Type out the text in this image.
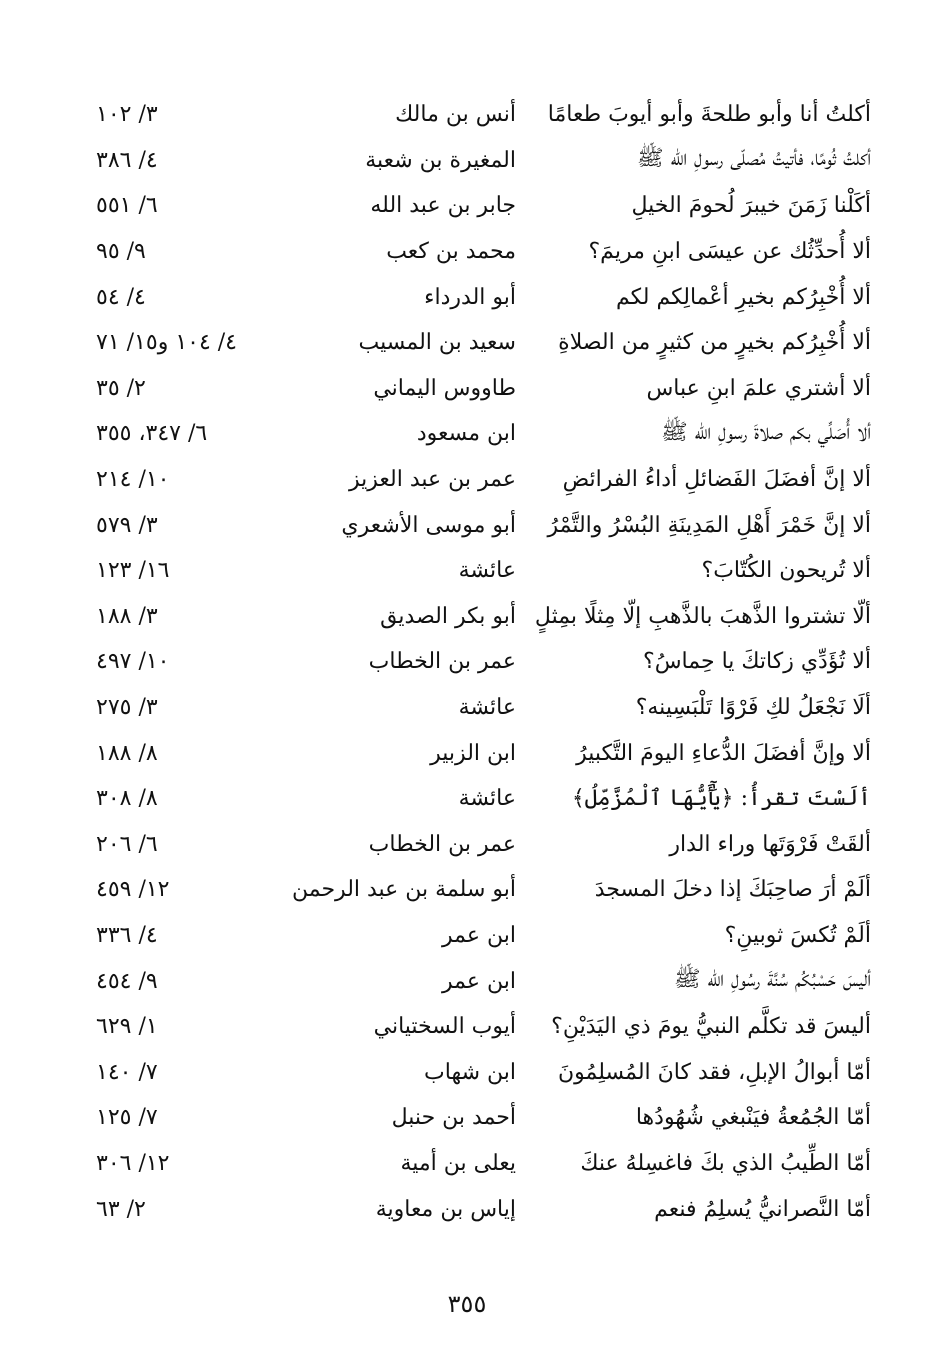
أكلتُ أنا وأبو طلحةَ وأبو أيوبَ طعامًا
أنس بن مالك
٣/ ١٠٢
أكلتُ ثُومًا، فأتيتُ مُصلّى رسولِ الله ﷺ
المغيرة بن شعبة
٤/ ٣٨٦
أكَلْنا زَمَنَ خيبرَ لُحومَ الخيلِ
جابر بن عبد الله
٦/ ٥٥١
ألا أُحدِّثُك عن عيسَى ابنِ مريمَ؟
محمد بن كعب
٩/ ٩٥
ألا أُخْبِرُكم بخيرِ أعْمالِكم لكم
أبو الدرداء
٤/ ٥٤
ألا أُخْبِرُكم بخيرٍ من كثيرٍ من الصلاةِ
سعيد بن المسيب
٤/ ١٠٤ و١٥/ ٧١
ألا أشتري علمَ ابنِ عباس
طاووس اليماني
٢/ ٣٥
ألا أُصَلِّي بكم صلاةَ رسولِ الله ﷺ
ابن مسعود
٦/ ٣٤٧، ٣٥٥
ألا إنَّ أفضَلَ الفَضائلِ أداءُ الفرائضِ
عمر بن عبد العزيز
١٠/ ٢١٤
ألا إنَّ خَمْرَ أَهْلِ المَدِينَةِ البُسْرُ والتَّمْرُ
أبو موسى الأشعري
٣/ ٥٧٩
ألا تُريحون الكُتّابَ؟
عائشة
١٦/ ١٢٣
ألّا تشتروا الذَّهبَ بالذَّهبِ إلّا مِثلًا بمِثلٍ
أبو بكر الصديق
٣/ ١٨٨
ألا تُؤَدِّي زكاتكَ يا حِماسُ؟
عمر بن الخطاب
١٠/ ٤٩٧
ألَا نَجْعَلُ لكِ فَرْوًا تَلْبَسِينه؟
عائشة
٣/ ٢٧٥
ألا وإنَّ أفضَلَ الدُّعاءِ اليومَ التَّكبيرُ
ابن الزبير
٨/ ١٨٨
ألَسْتَ تقرأُ: ﴿يَٰٓأَيُّهَا ٱلْمُزَّمِّلُ﴾
عائشة
٨/ ٣٠٨
ألقَتْ فَرْوَتَها وراء الدار
عمر بن الخطاب
٦/ ٢٠٦
ألَمْ أرَ صاحِبَكَ إذا دخلَ المسجدَ
أبو سلمة بن عبد الرحمن
١٢/ ٤٥٩
ألَمْ تُكسَ ثوبينِ؟
ابن عمر
٤/ ٣٣٦
أليسَ حَسْبُكُم سُنَّةَ رسُولِ الله ﷺ
ابن عمر
٩/ ٤٥٤
أليسَ قد تكلَّم النبيُّ يومَ ذي اليَدَيْنِ؟
أيوب السختياني
١/ ٦٢٩
أمّا أبوالُ الإبلِ، فقد كانَ المُسلِمُونَ
ابن شهاب
٧/ ١٤٠
أمّا الجُمُعةُ فيَنْبغي شُهُودُها
أحمد بن حنبل
٧/ ١٢٥
أمّا الطِّيبُ الذي بكَ فاغسِلهُ عنكَ
يعلى بن أمية
١٢/ ٣٠٦
أمّا النَّصرانيُّ يُسلِمُ فنعم
إياس بن معاوية
٢/ ٦٣
٣٥٥
